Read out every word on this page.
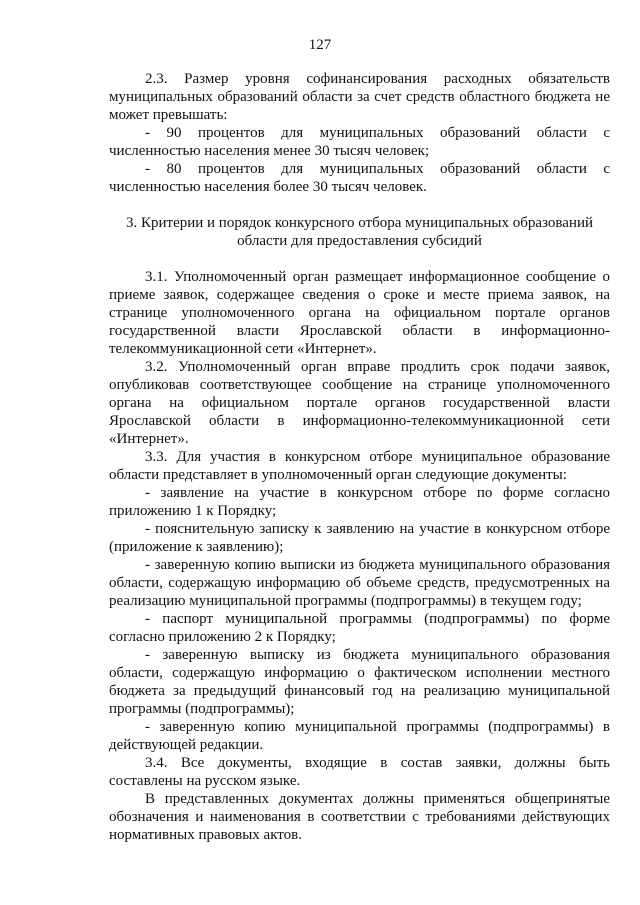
127

2.3. Размер уровня софинансирования расходных обязательств муниципальных образований области за счет средств областного бюджета не может превышать:

- 90 процентов для муниципальных образований области с численностью населения менее 30 тысяч человек;

- 80 процентов для муниципальных образований области с численностью населения более 30 тысяч человек.

3. Критерии и порядок конкурсного отбора муниципальных образований
области для предоставления субсидий

3.1. Уполномоченный орган размещает информационное сообщение о приеме заявок, содержащее сведения о сроке и месте приема заявок, на странице уполномоченного органа на официальном портале органов государственной власти Ярославской области в информационно-телекоммуникационной сети «Интернет».

3.2. Уполномоченный орган вправе продлить срок подачи заявок, опубликовав соответствующее сообщение на странице уполномоченного органа на официальном портале органов государственной власти Ярославской области в информационно-телекоммуникационной сети «Интернет».

3.3. Для участия в конкурсном отборе муниципальное образование области представляет в уполномоченный орган следующие документы:

- заявление на участие в конкурсном отборе по форме согласно приложению 1 к Порядку;

- пояснительную записку к заявлению на участие в конкурсном отборе (приложение к заявлению);

- заверенную копию выписки из бюджета муниципального образования области, содержащую информацию об объеме средств, предусмотренных на реализацию муниципальной программы (подпрограммы) в текущем году;

- паспорт муниципальной программы (подпрограммы) по форме согласно приложению 2 к Порядку;

- заверенную выписку из бюджета муниципального образования области, содержащую информацию о фактическом исполнении местного бюджета за предыдущий финансовый год на реализацию муниципальной программы (подпрограммы);

- заверенную копию муниципальной программы (подпрограммы) в действующей редакции.

3.4. Все документы, входящие в состав заявки, должны быть составлены на русском языке.

В представленных документах должны применяться общепринятые обозначения и наименования в соответствии с требованиями действующих нормативных правовых актов.
